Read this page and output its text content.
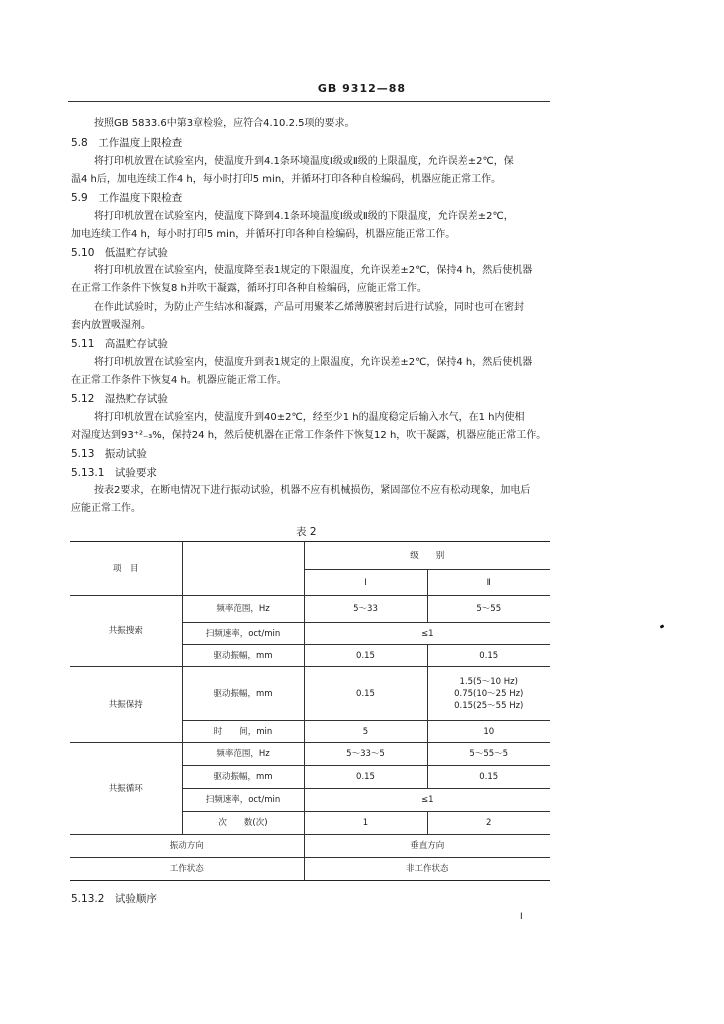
GB 9312—88
按照GB 5833.6中第3章检验，应符合4.10.2.5项的要求。
5.8　工作温度上限检查
将打印机放置在试验室内，使温度升到4.1条环境温度Ⅰ级或Ⅱ级的上限温度，允许误差±2℃，保
温4 h后，加电连续工作4 h，每小时打印5 min，并循环打印各种自检编码，机器应能正常工作。
5.9　工作温度下限检查
将打印机放置在试验室内，使温度下降到4.1条环境温度Ⅰ级或Ⅱ级的下限温度，允许误差±2℃，
加电连续工作4 h，每小时打印5 min，并循环打印各种自检编码，机器应能正常工作。
5.10　低温贮存试验
将打印机放置在试验室内，使温度降至表1规定的下限温度，允许误差±2℃，保持4 h，然后使机器
在正常工作条件下恢复8 h并吹干凝露，循环打印各种自检编码，应能正常工作。
在作此试验时，为防止产生结冰和凝露，产品可用聚苯乙烯薄膜密封后进行试验，同时也可在密封
套内放置吸湿剂。
5.11　高温贮存试验
将打印机放置在试验室内，使温度升到表1规定的上限温度，允许误差±2℃，保持4 h，然后使机器
在正常工作条件下恢复4 h。机器应能正常工作。
5.12　湿热贮存试验
将打印机放置在试验室内，使温度升到40±2℃，经至少1 h的温度稳定后输入水气，在1 h内使相
对湿度达到93⁺²₋₃%，保持24 h，然后使机器在正常工作条件下恢复12 h，吹干凝露，机器应能正常工作。
5.13　振动试验
5.13.1　试验要求
按表2要求，在断电情况下进行振动试验，机器不应有机械损伤，紧固部位不应有松动现象，加电后
应能正常工作。
表 2
项　目		级　　别	
		Ⅰ	Ⅱ
共振搜索	频率范围，Hz	5～33	5～55
	扫频速率，oct/min	≤1	
	驱动振幅，mm	0.15	0.15
共振保持	驱动振幅，mm	0.15	1.5(5～10 Hz)
0.75(10～25 Hz)
0.15(25～55 Hz)

	时　　间，min	5	10
共振循环	频率范围，Hz	5～33～5	5～55～5
	驱动振幅，mm	0.15	0.15
	扫频速率，oct/min	≤1	
	次　　数(次)	1	2
振动方向		垂直方向	
工作状态		非工作状态	
5.13.2　试验顺序
I
